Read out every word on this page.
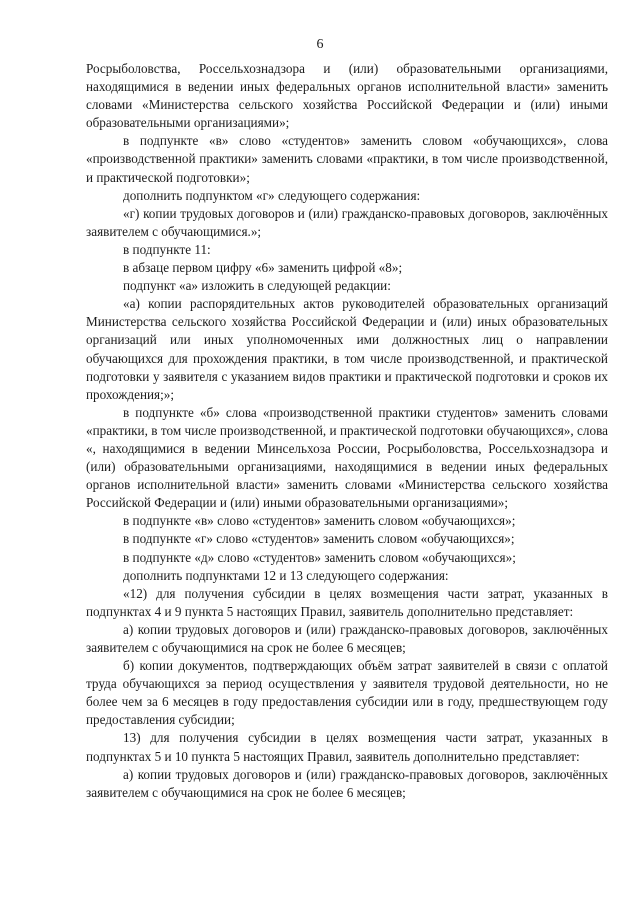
6

Росрыболовства, Россельхознадзора и (или) образовательными организациями, находящимися в ведении иных федеральных органов исполнительной власти» заменить словами «Министерства сельского хозяйства Российской Федерации и (или) иными образовательными организациями»;

в подпункте «в» слово «студентов» заменить словом «обучающихся», слова «производственной практики» заменить словами «практики, в том числе производственной, и практической подготовки»;

дополнить подпунктом «г» следующего содержания:

«г) копии трудовых договоров и (или) гражданско-правовых договоров, заключённых заявителем с обучающимися.»;

в подпункте 11:

в абзаце первом цифру «6» заменить цифрой «8»;

подпункт «а» изложить в следующей редакции:

«а) копии распорядительных актов руководителей образовательных организаций Министерства сельского хозяйства Российской Федерации и (или) иных образовательных организаций или иных уполномоченных ими должностных лиц о направлении обучающихся для прохождения практики, в том числе производственной, и практической подготовки у заявителя с указанием видов практики и практической подготовки и сроков их прохождения;»;

в подпункте «б» слова «производственной практики студентов» заменить словами «практики, в том числе производственной, и практической подготовки обучающихся», слова «, находящимися в ведении Минсельхоза России, Росрыболовства, Россельхознадзора и (или) образовательными организациями, находящимися в ведении иных федеральных органов исполнительной власти» заменить словами «Министерства сельского хозяйства Российской Федерации и (или) иными образовательными организациями»;

в подпункте «в» слово «студентов» заменить словом «обучающихся»;

в подпункте «г» слово «студентов» заменить словом «обучающихся»;

в подпункте «д» слово «студентов» заменить словом «обучающихся»;

дополнить подпунктами 12 и 13 следующего содержания:

«12) для получения субсидии в целях возмещения части затрат, указанных в подпунктах 4 и 9 пункта 5 настоящих Правил, заявитель дополнительно представляет:

а) копии трудовых договоров и (или) гражданско-правовых договоров, заключённых заявителем с обучающимися на срок не более 6 месяцев;

б) копии документов, подтверждающих объём затрат заявителей в связи с оплатой труда обучающихся за период осуществления у заявителя трудовой деятельности, но не более чем за 6 месяцев в году предоставления субсидии или в году, предшествующем году предоставления субсидии;

13) для получения субсидии в целях возмещения части затрат, указанных в подпунктах 5 и 10 пункта 5 настоящих Правил, заявитель дополнительно представляет:

а) копии трудовых договоров и (или) гражданско-правовых договоров, заключённых заявителем с обучающимися на срок не более 6 месяцев;
